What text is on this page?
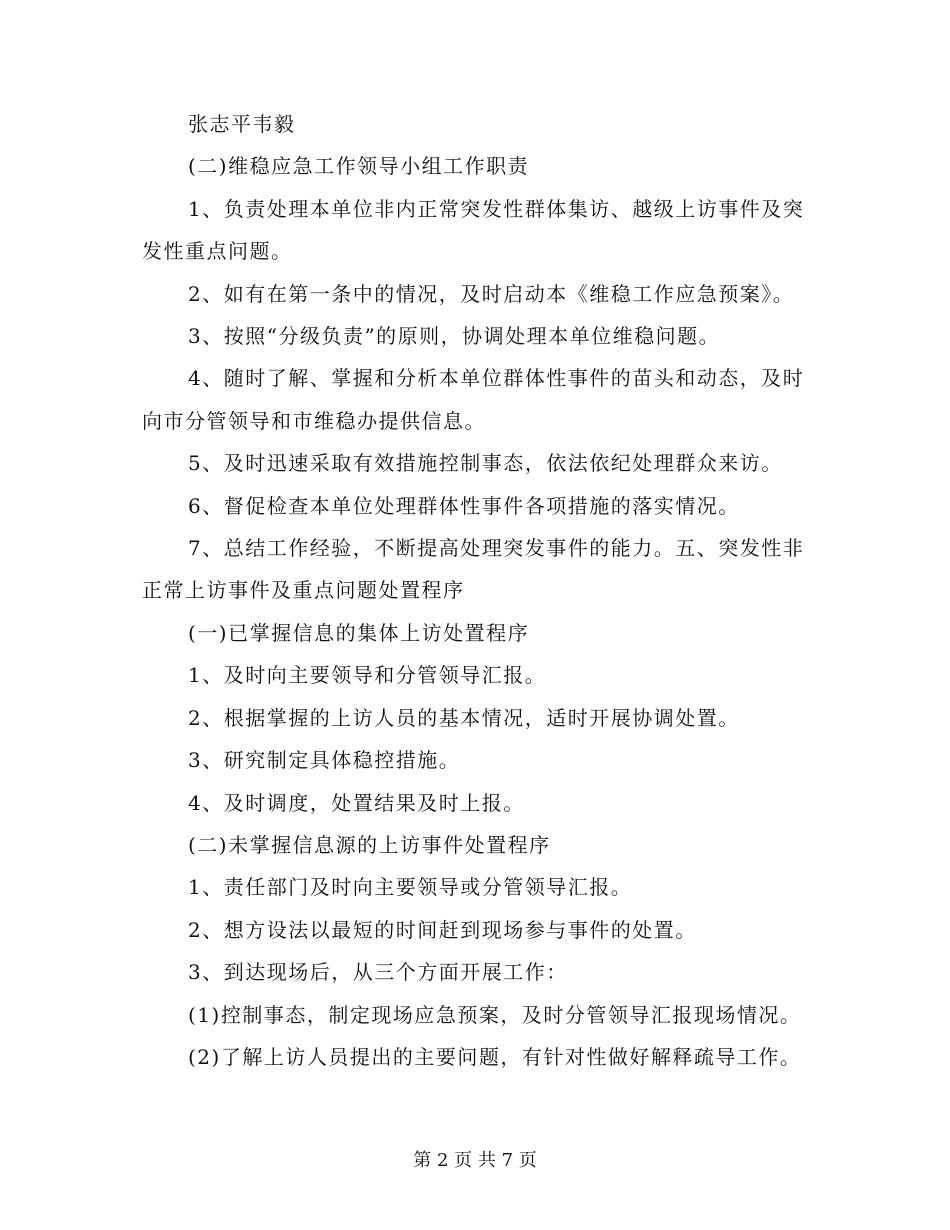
张志平韦毅

(二)维稳应急工作领导小组工作职责

1、负责处理本单位非内正常突发性群体集访、越级上访事件及突发性重点问题。

2、如有在第一条中的情况，及时启动本《维稳工作应急预案》。

3、按照“分级负责”的原则，协调处理本单位维稳问题。

4、随时了解、掌握和分析本单位群体性事件的苗头和动态，及时向市分管领导和市维稳办提供信息。

5、及时迅速采取有效措施控制事态，依法依纪处理群众来访。

6、督促检查本单位处理群体性事件各项措施的落实情况。

7、总结工作经验，不断提高处理突发事件的能力。五、突发性非正常上访事件及重点问题处置程序

(一)已掌握信息的集体上访处置程序

1、及时向主要领导和分管领导汇报。

2、根据掌握的上访人员的基本情况，适时开展协调处置。

3、研究制定具体稳控措施。

4、及时调度，处置结果及时上报。

(二)未掌握信息源的上访事件处置程序

1、责任部门及时向主要领导或分管领导汇报。

2、想方设法以最短的时间赶到现场参与事件的处置。

3、到达现场后，从三个方面开展工作：

(1)控制事态，制定现场应急预案，及时分管领导汇报现场情况。

(2)了解上访人员提出的主要问题，有针对性做好解释疏导工作。

第 2 页 共 7 页
